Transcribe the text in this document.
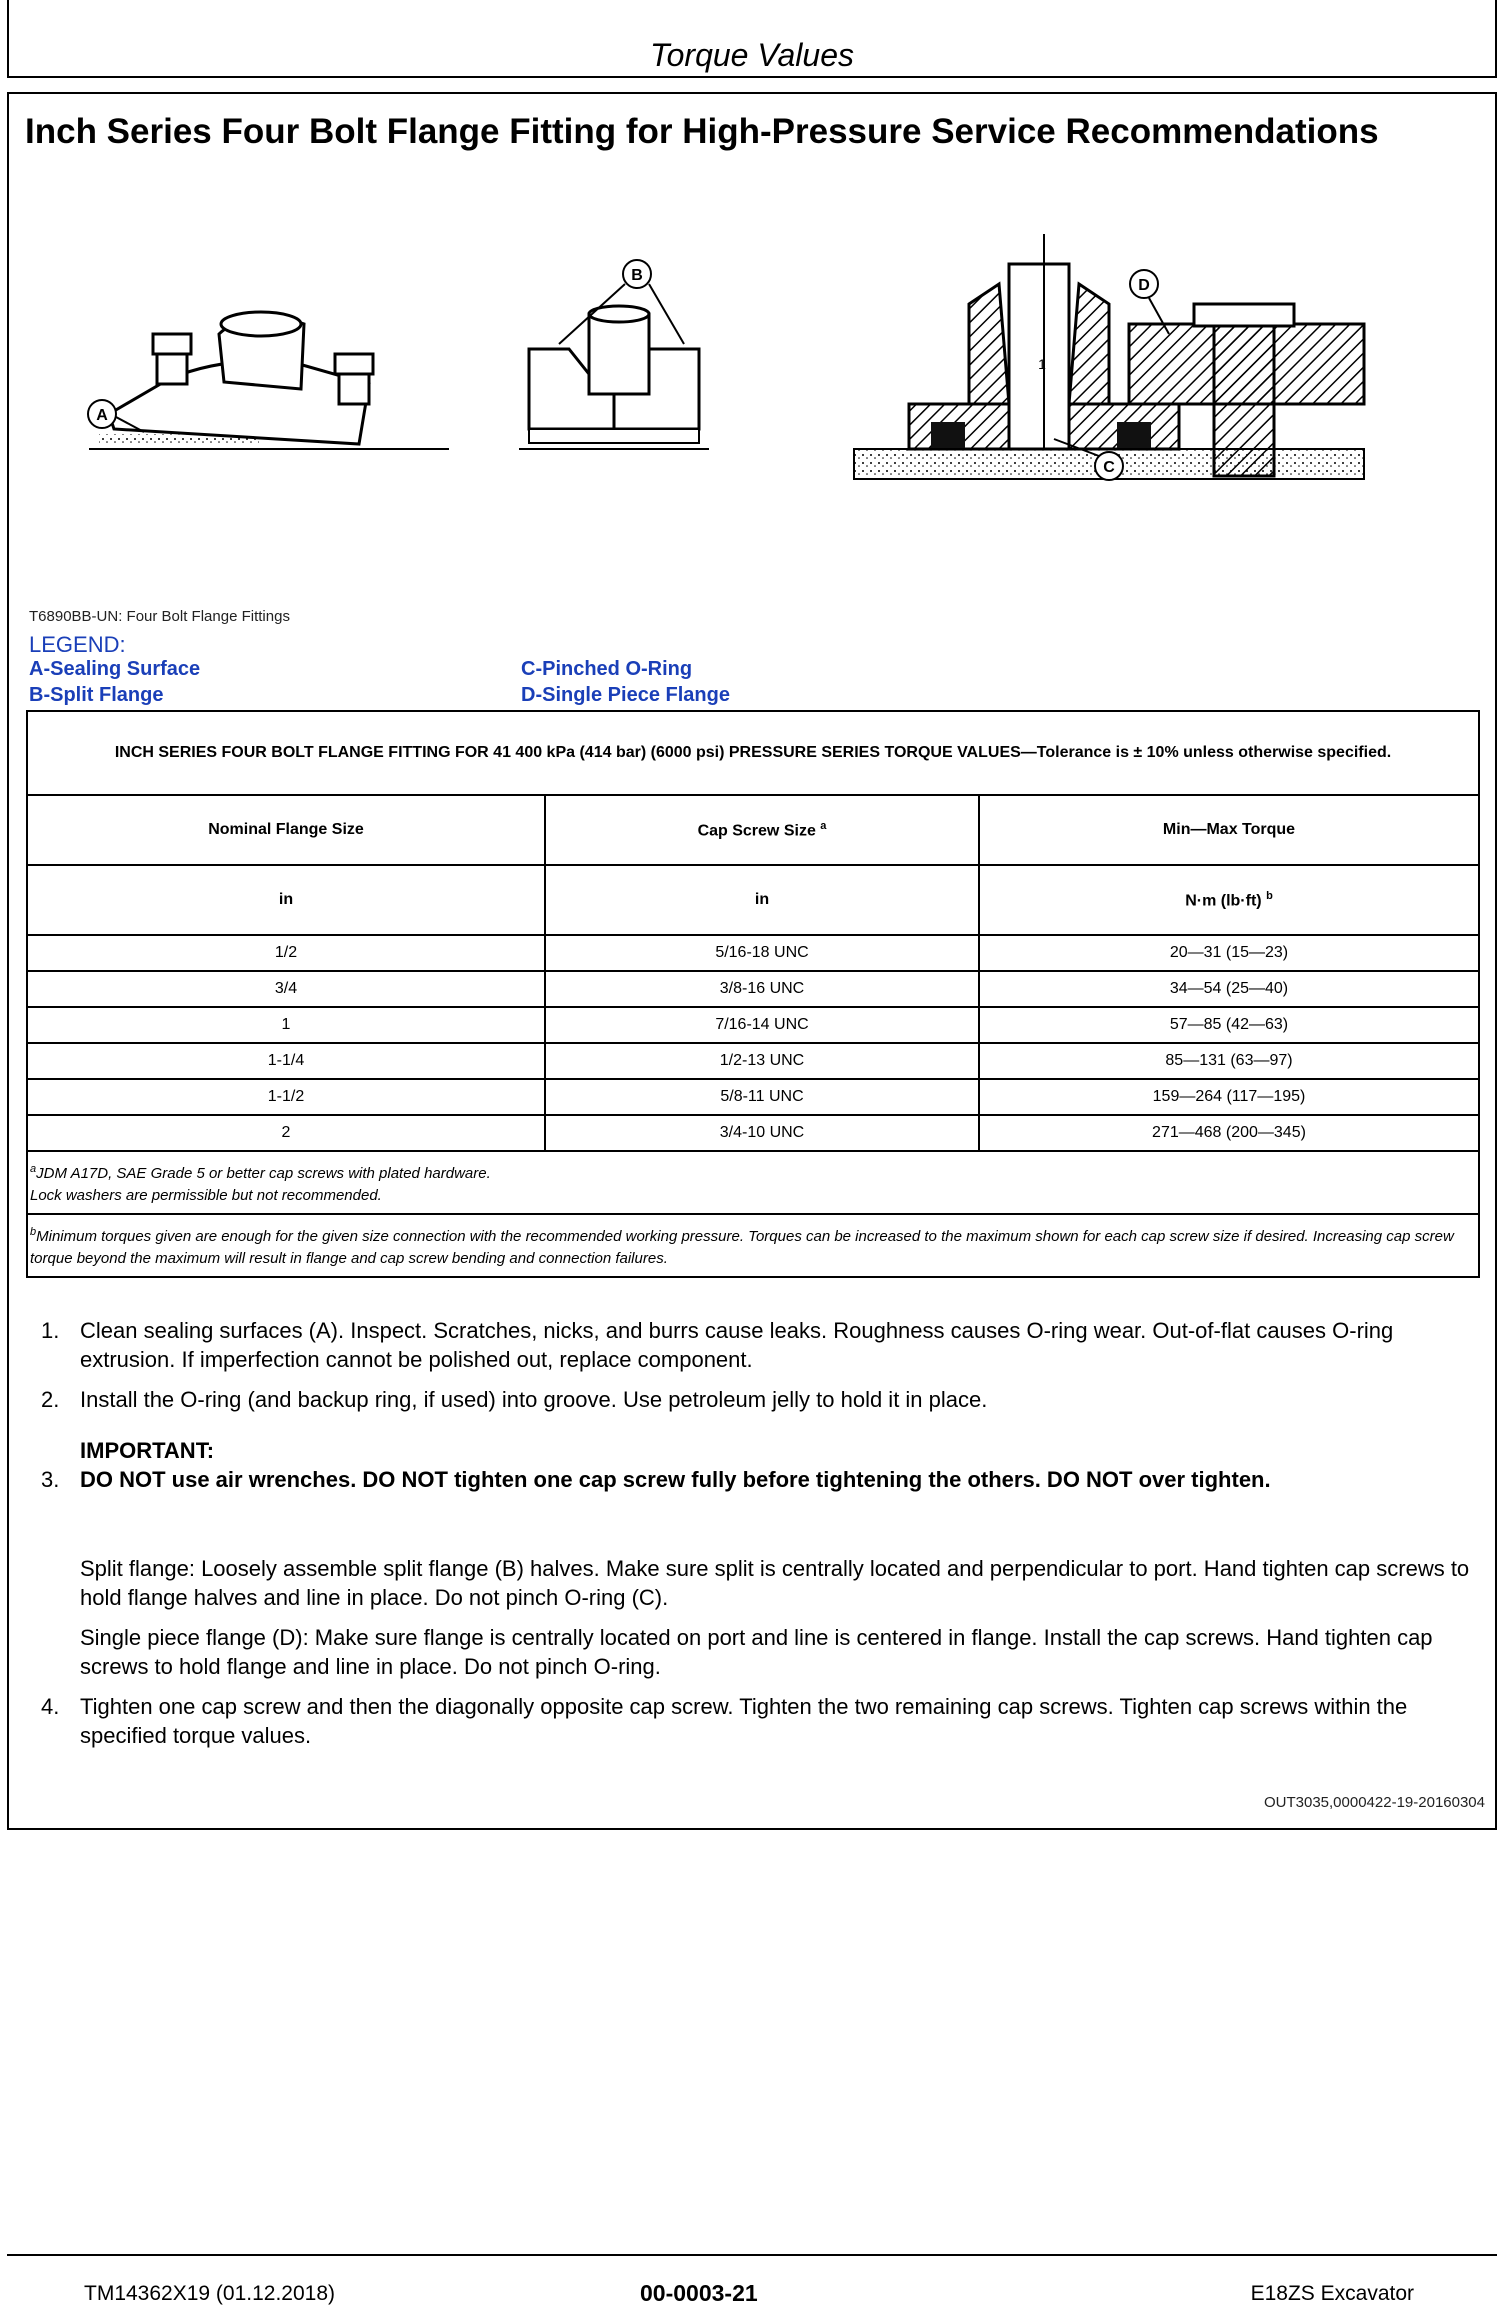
Torque Values
Inch Series Four Bolt Flange Fitting for High-Pressure Service Recommendations
A
B
1
C
D
T6890BB-UN: Four Bolt Flange Fittings
LEGEND:
A-Sealing Surface
B-Split Flange
C-Pinched O-Ring
D-Single Piece Flange
INCH SERIES FOUR BOLT FLANGE FITTING FOR 41 400 kPa (414 bar) (6000 psi) PRESSURE SERIES TORQUE VALUES—Tolerance is ± 10% unless otherwise specified.		
Nominal Flange Size	Cap Screw Size $^a$	Min—Max Torque
in	in	N·m (lb·ft) $^b$
1/2	5/16-18 UNC	20—31 (15—23)
3/4	3/8-16 UNC	34—54 (25—40)
1	7/16-14 UNC	57—85 (42—63)
1-1/4	1/2-13 UNC	85—131 (63—97)
1-1/2	5/8-11 UNC	159—264 (117—195)
2	3/4-10 UNC	271—468 (200—345)
$^a$JDM A17D, SAE Grade 5 or better cap screws with plated hardware.
Lock washers are permissible but not recommended.		
$^b$Minimum torques given are enough for the given size connection with the recommended working pressure. Torques can be increased to the maximum shown for each cap screw size if desired. Increasing cap screw torque beyond the maximum will result in flange and cap screw bending and connection failures.		
1. Clean sealing surfaces (A). Inspect. Scratches, nicks, and burrs cause leaks. Roughness causes O-ring wear. Out-of-flat causes O-ring extrusion. If imperfection cannot be polished out, replace component.
2. Install the O-ring (and backup ring, if used) into groove. Use petroleum jelly to hold it in place.
IMPORTANT:
3. DO NOT use air wrenches. DO NOT tighten one cap screw fully before tightening the others. DO NOT over tighten.
Split flange: Loosely assemble split flange (B) halves. Make sure split is centrally located and perpendicular to port. Hand tighten cap screws to hold flange halves and line in place. Do not pinch O-ring (C).
Single piece flange (D): Make sure flange is centrally located on port and line is centered in flange. Install the cap screws. Hand tighten cap screws to hold flange and line in place. Do not pinch O-ring.
4. Tighten one cap screw and then the diagonally opposite cap screw. Tighten the two remaining cap screws. Tighten cap screws within the specified torque values.
OUT3035,0000422-19-20160304
TM14362X19 (01.12.2018)	00-0003-21	E18ZS Excavator
